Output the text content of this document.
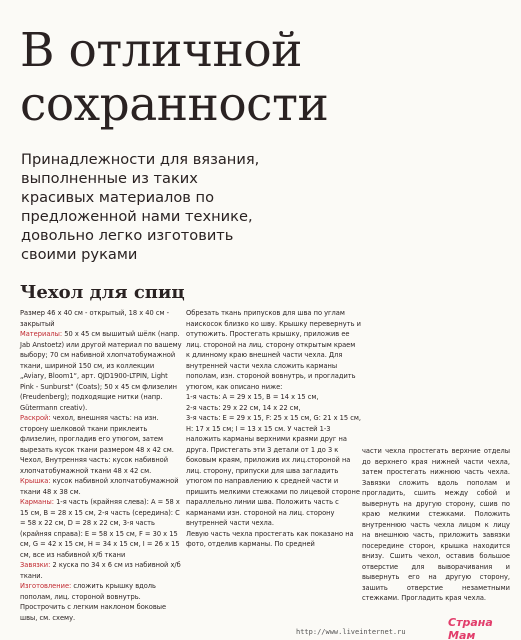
В отличной
сохранности

Принадлежности для вязания, выполненные из таких красивых материалов по предложенной нами технике, довольно легко изготовить своими руками

Чехол для спиц

Размер 46 х 40 см - открытый, 18 х 40 см - закрытый

Материалы: 50 х 45 см вышитый шёлк (напр. Jab Anstoetz) или другой материал по вашему выбору; 70 см набивной хлопчатобумажной ткани, шириной 150 см, из коллекции „Aviary, Bloom1“, арт. QJD1900-LTPIN, Light Pink - Sunburst“ (Coats); 50 х 45 см флизелин (Freudenberg); подходящие нитки (напр. Gütermann creativ).

Раскрой: чехол, внешняя часть: на изн. сторону шелковой ткани приклеить флизелин, прогладив его утюгом, затем вырезать кусок ткани размером 48 х 42 см. Чехол, Внутренняя часть: кусок набивной хлопчатобумажной ткани 48 х 42 см.

Крышка: кусок набивной хлопчатобумажной ткани 48 х 38 см.

Карманы: 1-я часть (крайняя слева): A = 58 x 15 см, B = 28 x 15 см, 2-я часть (середина): C = 58 x 22 см, D = 28 x 22 см, 3-я часть (крайняя справа): E = 58 x 15 см, F = 30 x 15 см, G = 42 x 15 см, H = 34 x 15 см, I = 26 x 15 см, все из набивной х/б ткани

Завязки: 2 куска по 34 х 6 см из набивной х/б ткани.

Изготовление: сложить крышку вдоль пополам, лиц. стороной вовнутрь. Прострочить с легким наклоном боковые швы, см. схему.

Обрезать ткань припусков для шва по углам наискосок близко ко шву. Крышку перевернуть и отутюжить. Простегать крышку, приложив ее лиц. стороной на лиц. сторону открытым краем к длинному краю внешней части чехла. Для внутренней части чехла сложить карманы пополам, изн. стороной вовнутрь, и прогладить утюгом, как описано ниже:

1-я часть: A = 29 x 15, B = 14 x 15 см,

2-я часть: 29 x 22 см, 14 x 22 см,

3-я часть: E = 29 x 15, F: 25 x 15 см, G: 21 x 15 см, H: 17 x 15 см; I = 13 x 15 см. У частей 1-3 наложить карманы верхними краями друг на друга. Пристегать эти 3 детали от 1 до 3 к боковым краям, приложив их лиц.стороной на лиц. сторону, припуски для шва загладить утюгом по направлению к средней части и пришить мелкими стежками по лицевой стороне параллельно линии шва. Положить часть с карманами изн. стороной на лиц. сторону внутренней части чехла.

Левую часть чехла простегать как показано на фото, отделив карманы. По средней

части чехла простегать верхние отделы до верхнего края нижней части чехла, затем простегать нижнюю часть чехла. Завязки сложить вдоль пополам и прогладить, сшить между собой и вывернуть на другую сторону, сшив по краю мелкими стежками. Положить внутреннюю часть чехла лицом к лицу на внешнюю часть, приложить завязки посередине сторон, крышка находится внизу. Сшить чехол, оставив большое отверстие для выворачивания и вывернуть его на другую сторону, зашить отверстие незаметными стежками. Прогладить края чехла.

http://www.liveinternet.ru
Страна Мам
